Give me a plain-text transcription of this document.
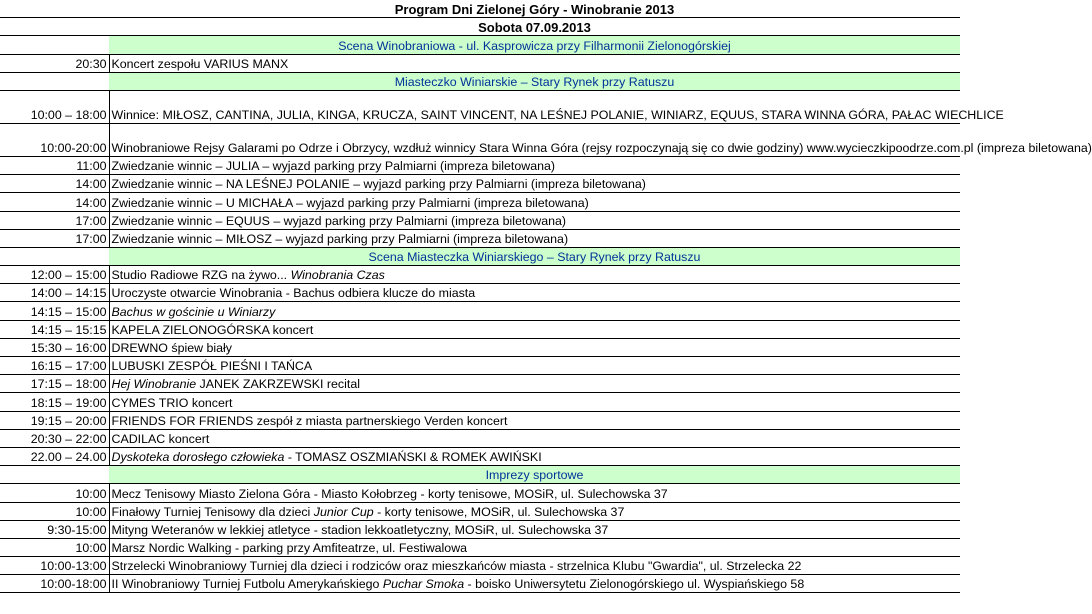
	Program Dni Zielonej Góry - Winobranie 2013
	Sobota 07.09.2013
	Scena Winobraniowa - ul. Kasprowicza przy Filharmonii Zielonogórskiej
20:30	Koncert zespołu VARIUS MANX
	Miasteczko Winiarskie – Stary Rynek przy Ratuszu
10:00 – 18:00	Winnice: MIŁOSZ, CANTINA, JULIA, KINGA, KRUCZA, SAINT VINCENT, NA LEŚNEJ POLANIE, WINIARZ, EQUUS, STARA WINNA GÓRA, PAŁAC WIECHLICE
10:00-20:00	Winobraniowe Rejsy Galarami po Odrze i Obrzycy, wzdłuż winnicy Stara Winna Góra (rejsy rozpoczynają się co dwie godziny) www.wycieczkipoodrze.com.pl (impreza biletowana)
11:00	Zwiedzanie winnic – JULIA – wyjazd parking przy Palmiarni (impreza biletowana)
14:00	Zwiedzanie winnic – NA LEŚNEJ POLANIE – wyjazd parking przy Palmiarni (impreza biletowana)
14:00	Zwiedzanie winnic – U MICHAŁA – wyjazd parking przy Palmiarni (impreza biletowana)
17:00	Zwiedzanie winnic – EQUUS – wyjazd parking przy Palmiarni (impreza biletowana)
17:00	Zwiedzanie winnic – MIŁOSZ – wyjazd parking przy Palmiarni (impreza biletowana)
	Scena Miasteczka Winiarskiego – Stary Rynek przy Ratuszu
12:00 – 15:00	Studio Radiowe RZG na żywo... Winobrania Czas
14:00 – 14:15	Uroczyste otwarcie Winobrania - Bachus odbiera klucze do miasta
14:15 – 15:00	Bachus w gościnie u Winiarzy
14:15 – 15:15	KAPELA ZIELONOGÓRSKA koncert
15:30 – 16:00	DREWNO śpiew biały
16:15 – 17:00	LUBUSKI ZESPÓŁ PIEŚNI I TAŃCA
17:15 – 18:00	Hej Winobranie JANEK ZAKRZEWSKI recital
18:15 – 19:00	CYMES TRIO koncert
19:15 – 20:00	FRIENDS FOR FRIENDS zespół z miasta partnerskiego Verden koncert
20:30 – 22:00	CADILAC koncert
22.00 – 24.00	Dyskoteka dorosłego człowieka - TOMASZ OSZMIAŃSKI & ROMEK AWIŃSKI
	Imprezy sportowe
10:00	Mecz Tenisowy Miasto Zielona Góra - Miasto Kołobrzeg - korty tenisowe, MOSiR, ul. Sulechowska 37
10:00	Finałowy Turniej Tenisowy dla dzieci Junior Cup - korty tenisowe, MOSiR, ul. Sulechowska 37
9:30-15:00	Mityng Weteranów w lekkiej atletyce - stadion lekkoatletyczny, MOSiR, ul. Sulechowska 37
10:00	Marsz Nordic Walking - parking przy Amfiteatrze, ul. Festiwalowa
10:00-13:00	Strzelecki Winobraniowy Turniej dla dzieci i rodziców oraz mieszkańców miasta - strzelnica Klubu "Gwardia", ul. Strzelecka 22
10:00-18:00	II Winobraniowy Turniej Futbolu Amerykańskiego Puchar Smoka - boisko Uniwersytetu Zielonogórskiego ul. Wyspiańskiego 58
